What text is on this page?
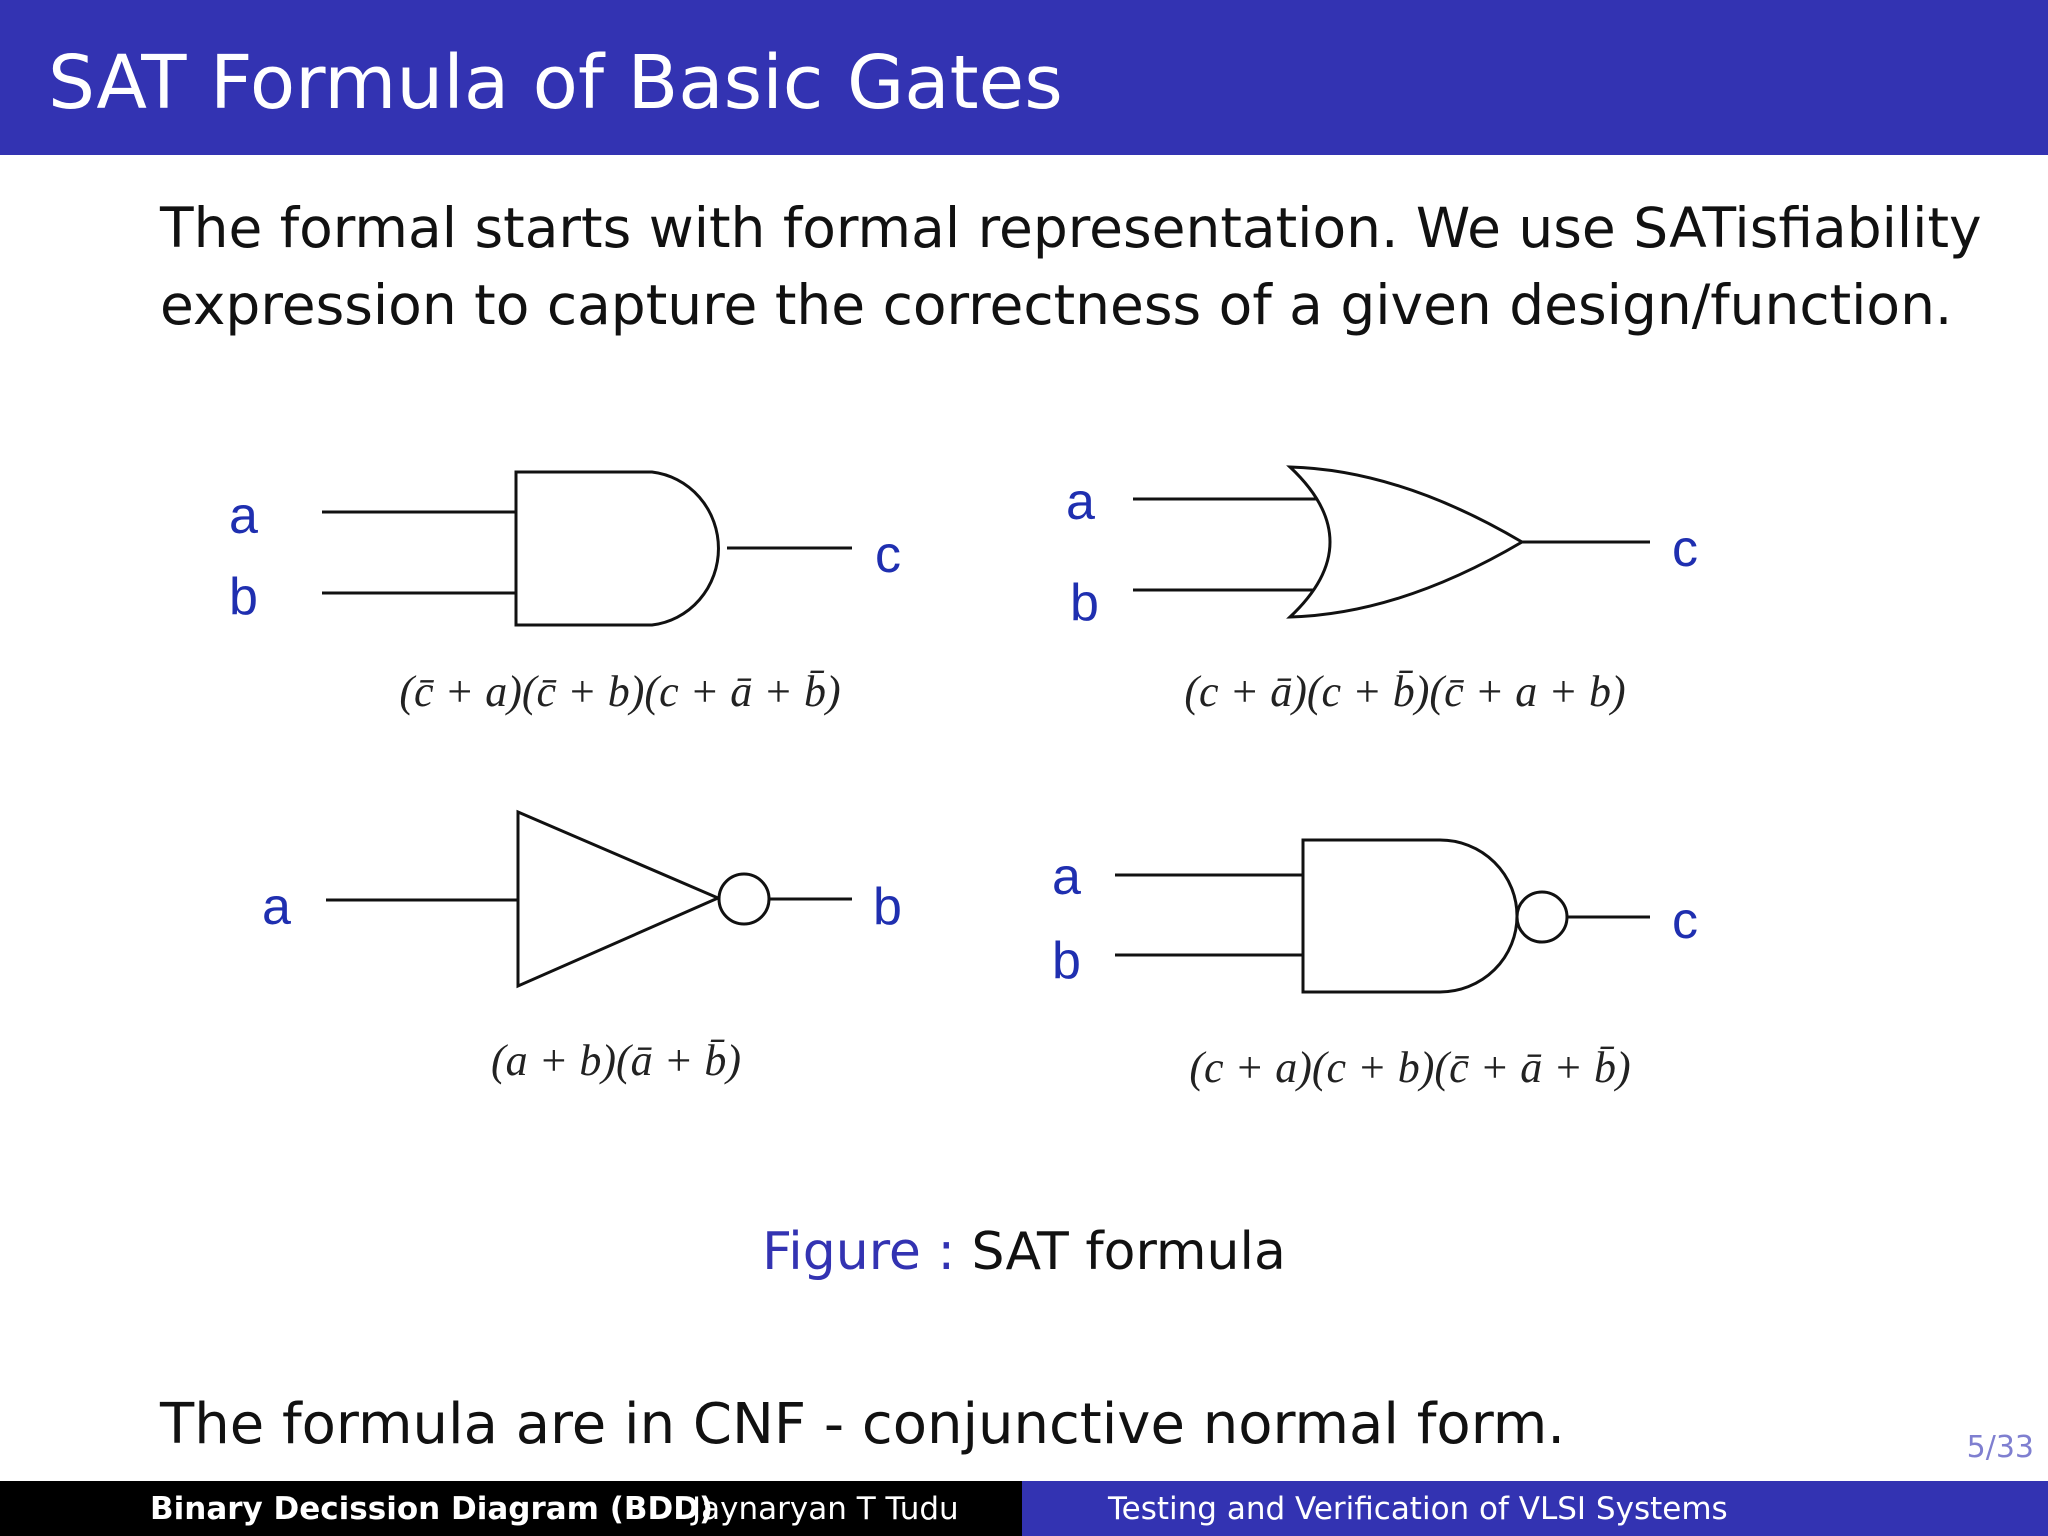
SAT Formula of Basic Gates
The formal starts with formal representation. We use SATisfiability
expression to capture the correctness of a given design/function.
a
b
c
(c̄ + a)(c̄ + b)(c + ā + b̄)
a
b
c
(c + ā)(c + b̄)(c̄ + a + b)
a	b
(a + b)(ā + b̄)
a
b
c
(c + a)(c + b)(c̄ + ā + b̄)
Figure : SAT formula
The formula are in CNF - conjunctive normal form.	5/33
Binary Decission Diagram (BDD)
Jaynaryan T Tudu	Testing and Verification of VLSI Systems
